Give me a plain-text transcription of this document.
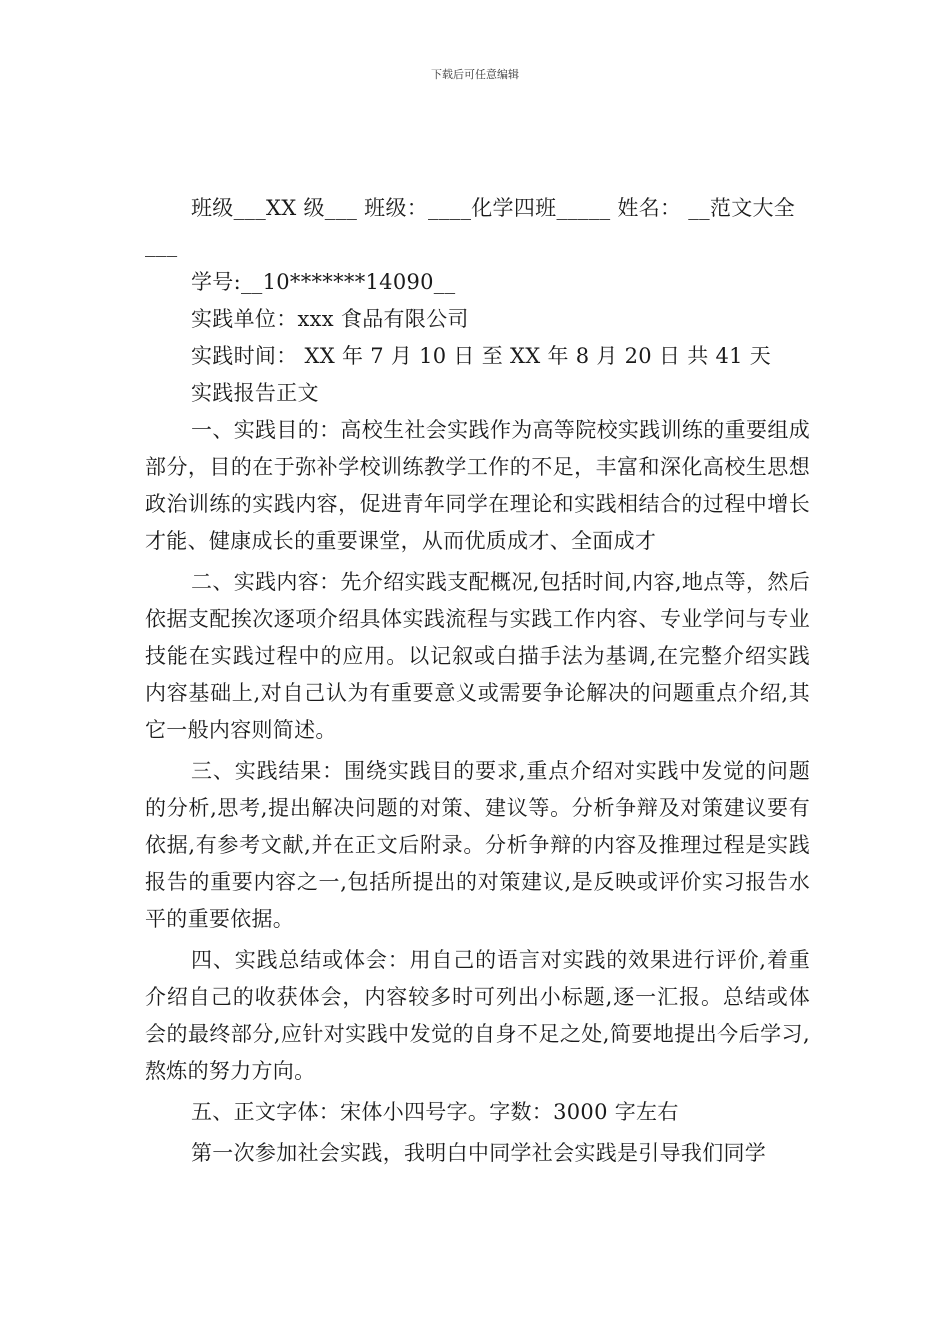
下载后可任意编辑
班级___XX 级___ 班级：____化学四班_____ 姓名： __范文大全
___
学号:__10*******14090__
实践单位：xxx 食品有限公司
实践时间： XX 年 7 月 10 日 至 XX 年 8 月 20 日 共 41 天
实践报告正文

一、实践目的：高校生社会实践作为高等院校实践训练的重要组成部分，目的在于弥补学校训练教学工作的不足，丰富和深化高校生思想政治训练的实践内容，促进青年同学在理论和实践相结合的过程中增长才能、健康成长的重要课堂，从而优质成才、全面成才

二、实践内容：先介绍实践支配概况,包括时间,内容,地点等，然后依据支配挨次逐项介绍具体实践流程与实践工作内容、专业学问与专业技能在实践过程中的应用。以记叙或白描手法为基调,在完整介绍实践内容基础上,对自己认为有重要意义或需要争论解决的问题重点介绍,其它一般内容则简述。

三、实践结果：围绕实践目的要求,重点介绍对实践中发觉的问题的分析,思考,提出解决问题的对策、建议等。分析争辩及对策建议要有依据,有参考文献,并在正文后附录。分析争辩的内容及推理过程是实践报告的重要内容之一,包括所提出的对策建议,是反映或评价实习报告水平的重要依据。

四、实践总结或体会：用自己的语言对实践的效果进行评价,着重介绍自己的收获体会，内容较多时可列出小标题,逐一汇报。总结或体会的最终部分,应针对实践中发觉的自身不足之处,简要地提出今后学习,熬炼的努力方向。

五、正文字体：宋体小四号字。字数：3000 字左右

第一次参加社会实践，我明白中同学社会实践是引导我们同学
